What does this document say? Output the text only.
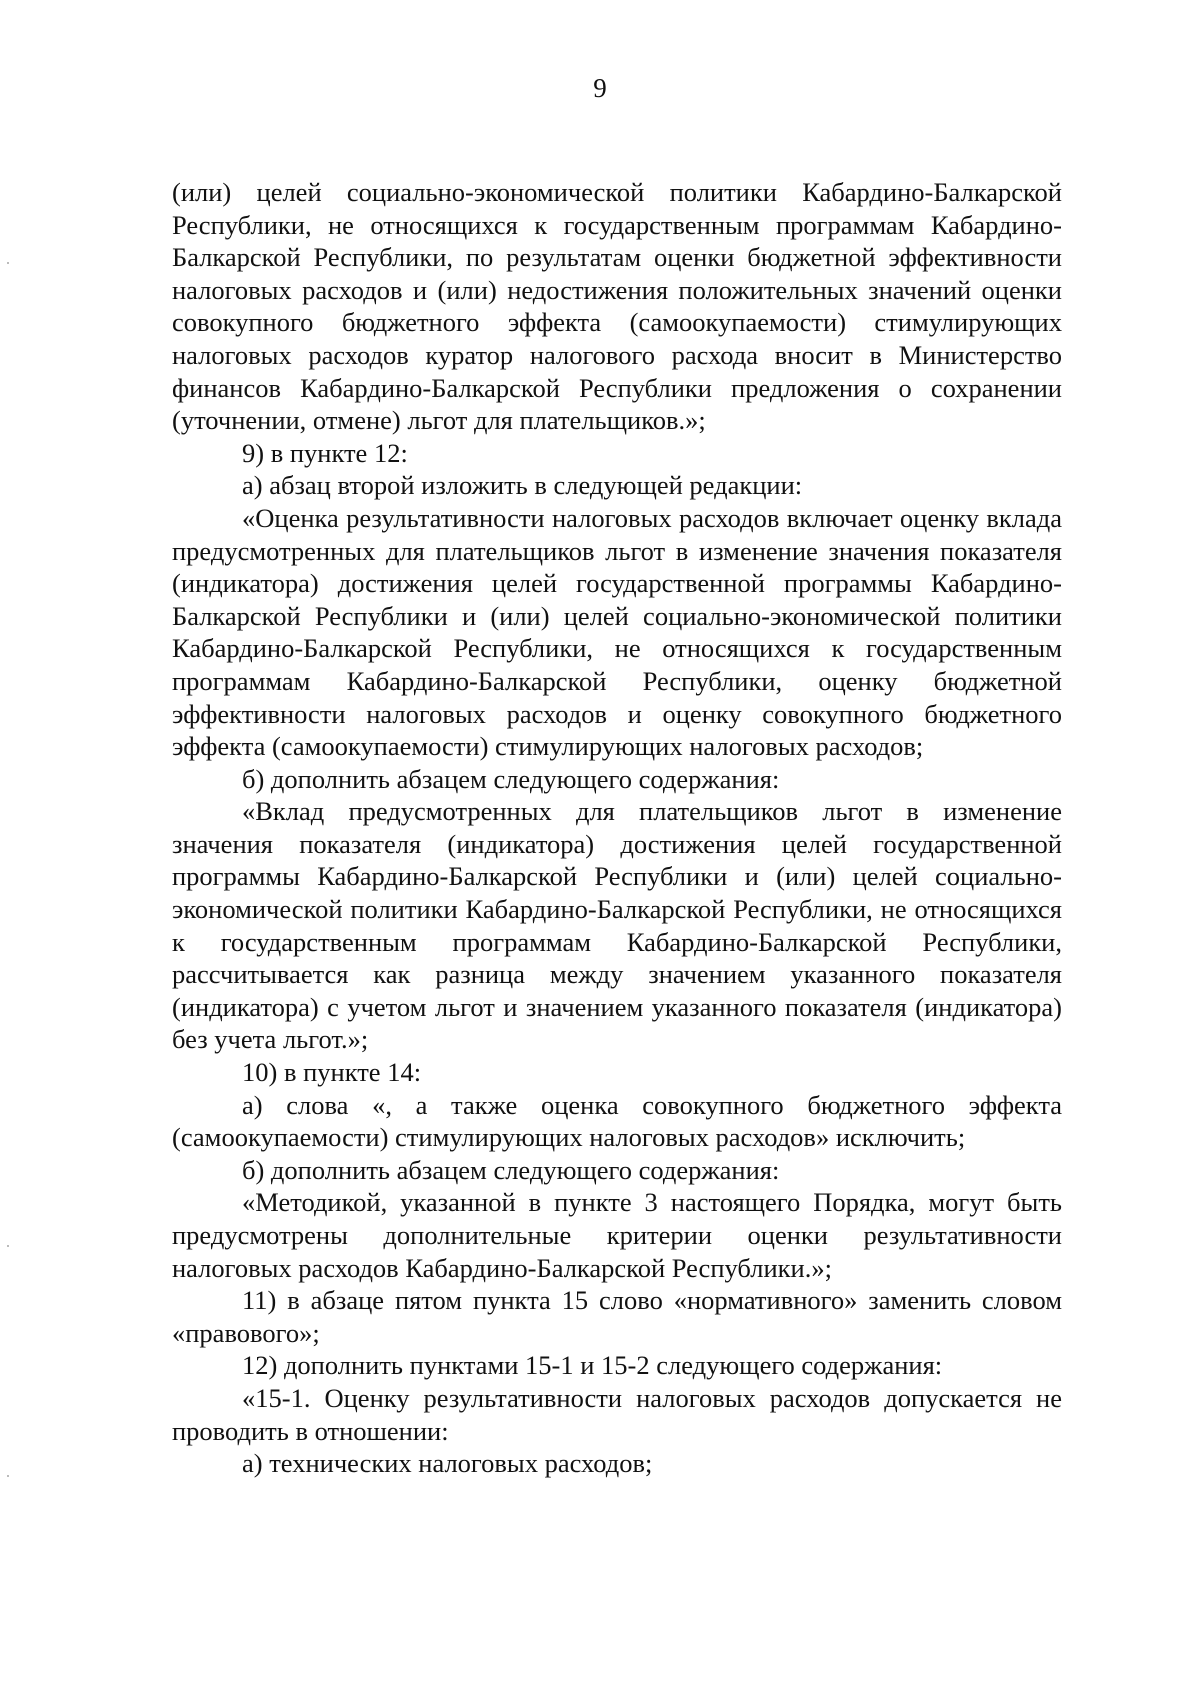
9

(или) целей социально-экономической политики Кабардино-Балкарской Республики, не относящихся к государственным программам Кабардино-Балкарской Республики, по результатам оценки бюджетной эффективности налоговых расходов и (или) недостижения положительных значений оценки совокупного бюджетного эффекта (самоокупаемости) стимулирующих налоговых расходов куратор налогового расхода вносит в Министерство финансов Кабардино-Балкарской Республики предложения о сохранении (уточнении, отмене) льгот для плательщиков.»;

9) в пункте 12:

а) абзац второй изложить в следующей редакции:

«Оценка результативности налоговых расходов включает оценку вклада предусмотренных для плательщиков льгот в изменение значения показателя (индикатора) достижения целей государственной программы Кабардино-Балкарской Республики и (или) целей социально-экономической политики Кабардино-Балкарской Республики, не относящихся к государственным программам Кабардино-Балкарской Республики, оценку бюджетной эффективности налоговых расходов и оценку совокупного бюджетного эффекта (самоокупаемости) стимулирующих налоговых расходов;

б) дополнить абзацем следующего содержания:

«Вклад предусмотренных для плательщиков льгот в изменение значения показателя (индикатора) достижения целей государственной программы Кабардино-Балкарской Республики и (или) целей социально-экономической политики Кабардино-Балкарской Республики, не относящихся к государственным программам Кабардино-Балкарской Республики, рассчитывается как разница между значением указанного показателя (индикатора) с учетом льгот и значением указанного показателя (индикатора) без учета льгот.»;

10) в пункте 14:

а) слова «, а также оценка совокупного бюджетного эффекта (самоокупаемости) стимулирующих налоговых расходов» исключить;

б) дополнить абзацем следующего содержания:

«Методикой, указанной в пункте 3 настоящего Порядка, могут быть предусмотрены дополнительные критерии оценки результативности налоговых расходов Кабардино-Балкарской Республики.»;

11) в абзаце пятом пункта 15 слово «нормативного» заменить словом «правового»;

12) дополнить пунктами 15-1 и 15-2 следующего содержания:

«15-1. Оценку результативности налоговых расходов допускается не проводить в отношении:

а) технических налоговых расходов;
